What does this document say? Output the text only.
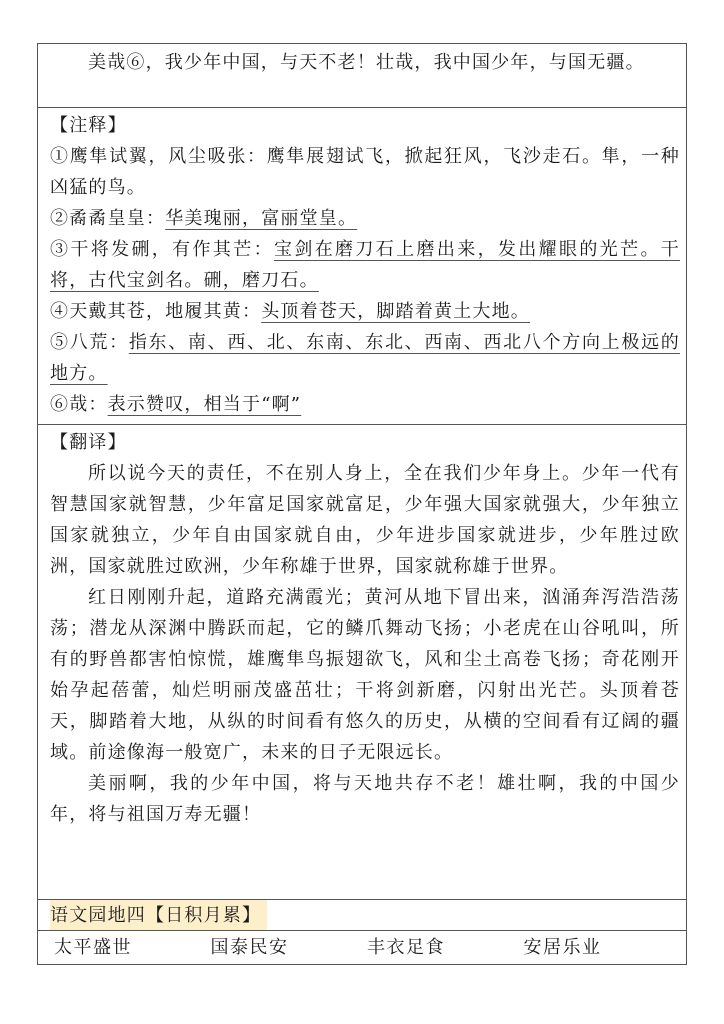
美哉⑥，我少年中国，与天不老！壮哉，我中国少年，与国无疆。

【注释】

①鹰隼试翼，风尘吸张：鹰隼展翅试飞，掀起狂风，飞沙走石。隼，一种凶猛的鸟。

②矞矞皇皇：华美瑰丽，富丽堂皇。

③干将发硎，有作其芒：宝剑在磨刀石上磨出来，发出耀眼的光芒。干将，古代宝剑名。硎，磨刀石。

④天戴其苍，地履其黄：头顶着苍天，脚踏着黄土大地。

⑤八荒：指东、南、西、北、东南、东北、西南、西北八个方向上极远的地方。

⑥哉：表示赞叹，相当于“啊”

【翻译】

所以说今天的责任，不在别人身上，全在我们少年身上。少年一代有智慧国家就智慧，少年富足国家就富足，少年强大国家就强大，少年独立国家就独立，少年自由国家就自由，少年进步国家就进步，少年胜过欧洲，国家就胜过欧洲，少年称雄于世界，国家就称雄于世界。

红日刚刚升起，道路充满霞光；黄河从地下冒出来，汹涌奔泻浩浩荡荡；潜龙从深渊中腾跃而起，它的鳞爪舞动飞扬；小老虎在山谷吼叫，所有的野兽都害怕惊慌，雄鹰隼鸟振翅欲飞，风和尘土高卷飞扬；奇花刚开始孕起蓓蕾，灿烂明丽茂盛茁壮；干将剑新磨，闪射出光芒。头顶着苍天，脚踏着大地，从纵的时间看有悠久的历史，从横的空间看有辽阔的疆域。前途像海一般宽广，未来的日子无限远长。

美丽啊，我的少年中国，将与天地共存不老！雄壮啊，我的中国少年，将与祖国万寿无疆！

语文园地四【日积月累】
太平盛世	国泰民安	丰衣足食	安居乐业
